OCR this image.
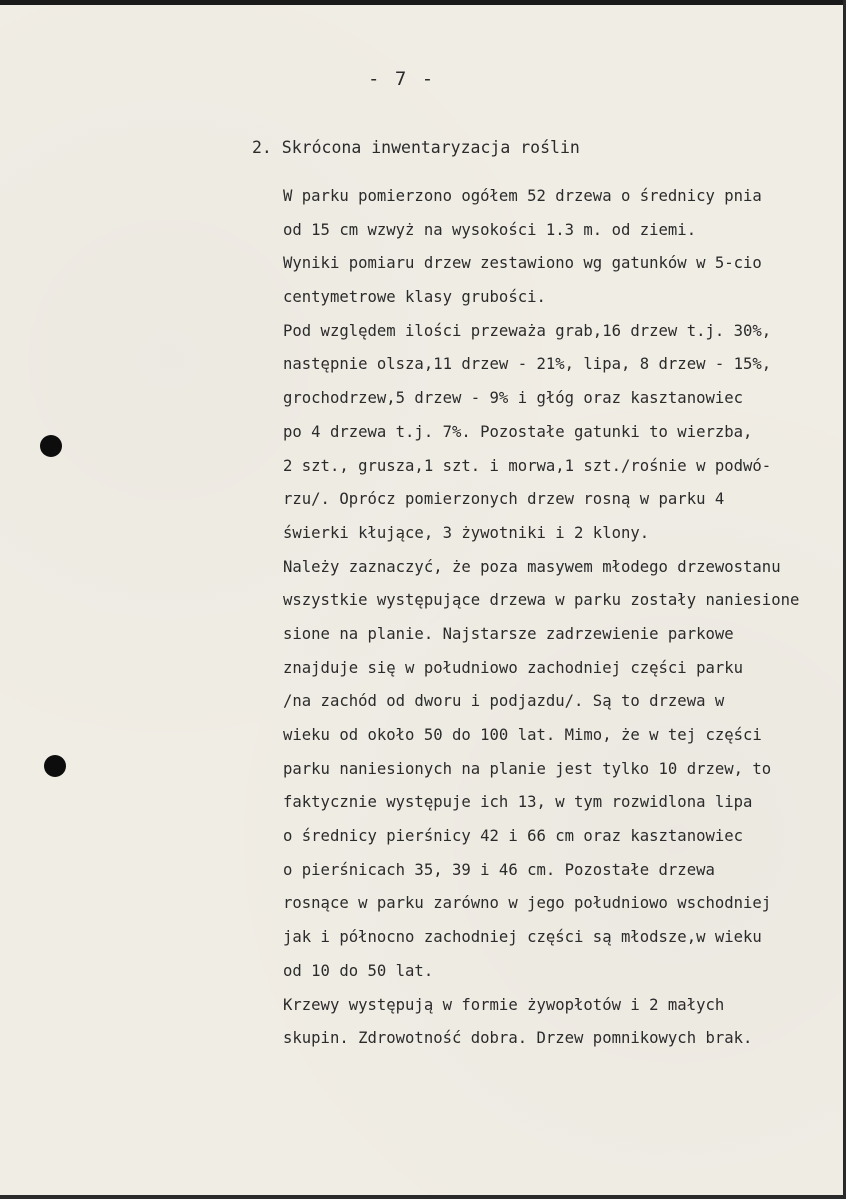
- 7 -
2. Skrócona inwentaryzacja roślin
W parku pomierzono ogółem 52 drzewa o średnicy pnia
od 15 cm wzwyż na wysokości 1.3 m. od ziemi.
Wyniki pomiaru drzew zestawiono wg gatunków w 5-cio
centymetrowe klasy grubości.
Pod względem ilości przeważa grab,16 drzew t.j. 30%,
następnie olsza,11 drzew - 21%, lipa, 8 drzew - 15%,
grochodrzew,5 drzew - 9% i głóg oraz kasztanowiec
po 4 drzewa t.j. 7%. Pozostałe gatunki to wierzba,
2 szt., grusza,1 szt. i morwa,1 szt./rośnie w podwó-
rzu/. Oprócz pomierzonych drzew rosną w parku 4
świerki kłujące, 3 żywotniki i 2 klony.
Należy zaznaczyć, że poza masywem młodego drzewostanu
wszystkie występujące drzewa w parku zostały naniesione
sione na planie. Najstarsze zadrzewienie parkowe
znajduje się w południowo zachodniej części parku
/na zachód od dworu i podjazdu/. Są to drzewa w
wieku od około 50 do 100 lat. Mimo, że w tej części
parku naniesionych na planie jest tylko 10 drzew, to
faktycznie występuje ich 13, w tym rozwidlona lipa
o średnicy pierśnicy 42 i 66 cm oraz kasztanowiec
o pierśnicach 35, 39 i 46 cm. Pozostałe drzewa
rosnące w parku zarówno w jego południowo wschodniej
jak i północno zachodniej części są młodsze,w wieku
od 10 do 50 lat.
Krzewy występują w formie żywopłotów i 2 małych
skupin. Zdrowotność dobra. Drzew pomnikowych brak.
